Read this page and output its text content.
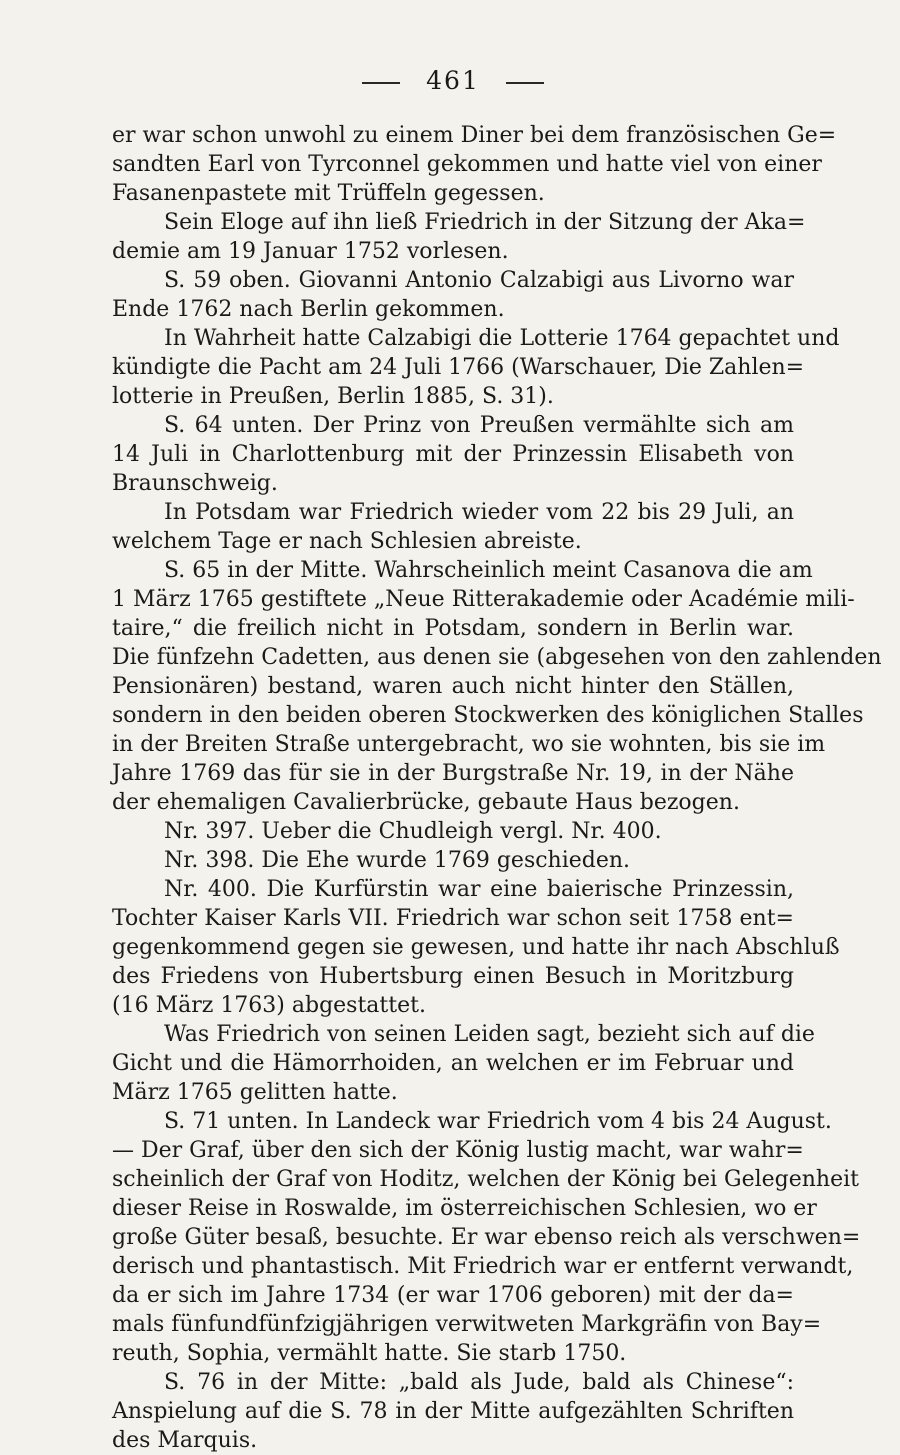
461
er war schon unwohl zu einem Diner bei dem französischen Ge=
sandten Earl von Tyrconnel gekommen und hatte viel von einer
Fasanenpastete mit Trüffeln gegessen.
Sein Eloge auf ihn ließ Friedrich in der Sitzung der Aka=
demie am 19 Januar 1752 vorlesen.
S. 59 oben. Giovanni Antonio Calzabigi aus Livorno war
Ende 1762 nach Berlin gekommen.
In Wahrheit hatte Calzabigi die Lotterie 1764 gepachtet und
kündigte die Pacht am 24 Juli 1766 (Warschauer, Die Zahlen=
lotterie in Preußen, Berlin 1885, S. 31).
S. 64 unten. Der Prinz von Preußen vermählte sich am
14 Juli in Charlottenburg mit der Prinzessin Elisabeth von
Braunschweig.
In Potsdam war Friedrich wieder vom 22 bis 29 Juli, an
welchem Tage er nach Schlesien abreiste.
S. 65 in der Mitte. Wahrscheinlich meint Casanova die am
1 März 1765 gestiftete „Neue Ritterakademie oder Académie mili-
taire,“ die freilich nicht in Potsdam, sondern in Berlin war.
Die fünfzehn Cadetten, aus denen sie (abgesehen von den zahlenden
Pensionären) bestand, waren auch nicht hinter den Ställen,
sondern in den beiden oberen Stockwerken des königlichen Stalles
in der Breiten Straße untergebracht, wo sie wohnten, bis sie im
Jahre 1769 das für sie in der Burgstraße Nr. 19, in der Nähe
der ehemaligen Cavalierbrücke, gebaute Haus bezogen.
Nr. 397. Ueber die Chudleigh vergl. Nr. 400.
Nr. 398. Die Ehe wurde 1769 geschieden.
Nr. 400. Die Kurfürstin war eine baierische Prinzessin,
Tochter Kaiser Karls VII. Friedrich war schon seit 1758 ent=
gegenkommend gegen sie gewesen, und hatte ihr nach Abschluß
des Friedens von Hubertsburg einen Besuch in Moritzburg
(16 März 1763) abgestattet.
Was Friedrich von seinen Leiden sagt, bezieht sich auf die
Gicht und die Hämorrhoiden, an welchen er im Februar und
März 1765 gelitten hatte.
S. 71 unten. In Landeck war Friedrich vom 4 bis 24 August.
— Der Graf, über den sich der König lustig macht, war wahr=
scheinlich der Graf von Hoditz, welchen der König bei Gelegenheit
dieser Reise in Roswalde, im österreichischen Schlesien, wo er
große Güter besaß, besuchte. Er war ebenso reich als verschwen=
derisch und phantastisch. Mit Friedrich war er entfernt verwandt,
da er sich im Jahre 1734 (er war 1706 geboren) mit der da=
mals fünfundfünfzigjährigen verwitweten Markgräfin von Bay=
reuth, Sophia, vermählt hatte. Sie starb 1750.
S. 76 in der Mitte: „bald als Jude, bald als Chinese“:
Anspielung auf die S. 78 in der Mitte aufgezählten Schriften
des Marquis.
